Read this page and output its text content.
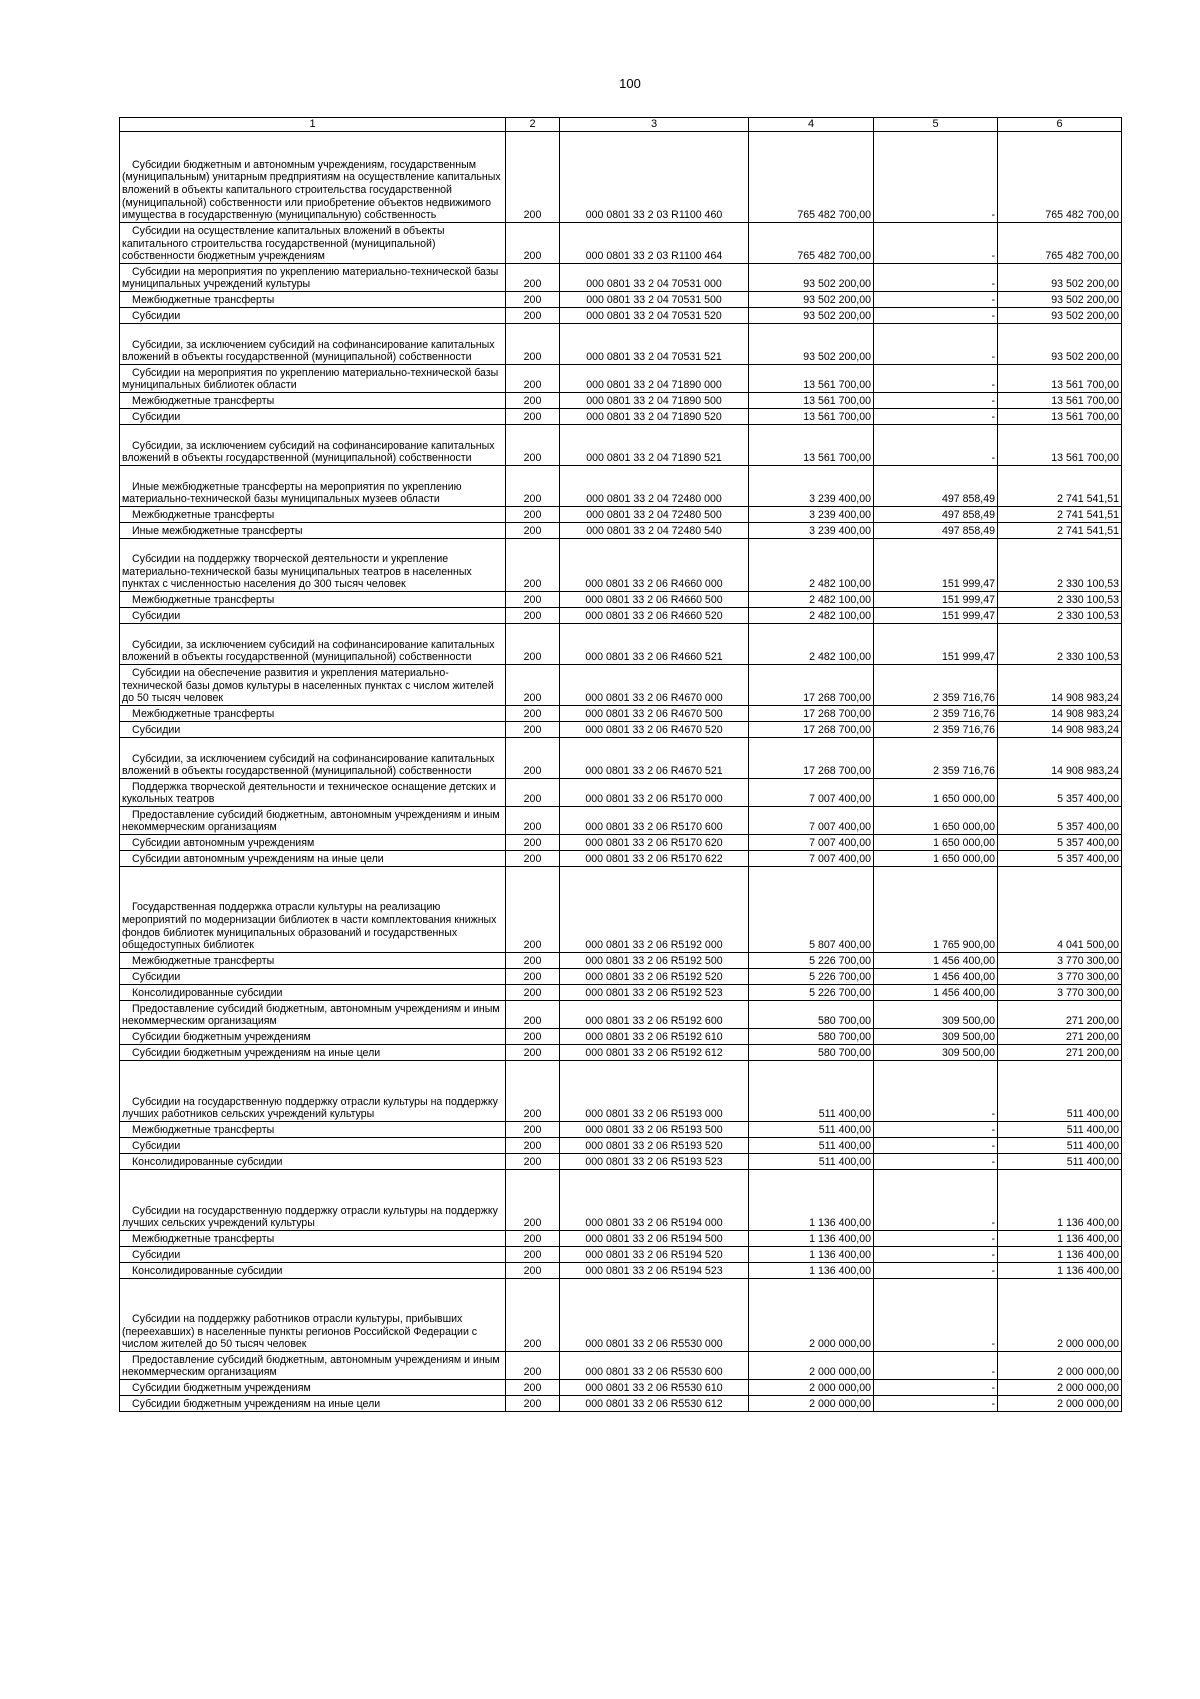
100
1	2	3	4	5	6

Субсидии бюджетным и автономным учреждениям, государственным (муниципальным) унитарным предприятиям на осуществление капитальных вложений в объекты капитального строительства государственной (муниципальной) собственности или приобретение объектов недвижимого имущества в государственную (муниципальную) собственность	200	000 0801 33 2 03 R1100 460	765 482 700,00	-	765 482 700,00

Субсидии на осуществление капитальных вложений в объекты капитального строительства государственной (муниципальной) собственности бюджетным учреждениям	200	000 0801 33 2 03 R1100 464	765 482 700,00	-	765 482 700,00

Субсидии на мероприятия по укреплению материально-технической базы муниципальных учреждений культуры	200	000 0801 33 2 04 70531 000	93 502 200,00	-	93 502 200,00

Межбюджетные трансферты	200	000 0801 33 2 04 70531 500	93 502 200,00	-	93 502 200,00

Субсидии	200	000 0801 33 2 04 70531 520	93 502 200,00	-	93 502 200,00

Субсидии, за исключением субсидий на софинансирование капитальных вложений в объекты государственной (муниципальной) собственности	200	000 0801 33 2 04 70531 521	93 502 200,00	-	93 502 200,00

Субсидии на мероприятия по укреплению материально-технической базы муниципальных библиотек области	200	000 0801 33 2 04 71890 000	13 561 700,00	-	13 561 700,00

Межбюджетные трансферты	200	000 0801 33 2 04 71890 500	13 561 700,00	-	13 561 700,00

Субсидии	200	000 0801 33 2 04 71890 520	13 561 700,00	-	13 561 700,00

Субсидии, за исключением субсидий на софинансирование капитальных вложений в объекты государственной (муниципальной) собственности	200	000 0801 33 2 04 71890 521	13 561 700,00	-	13 561 700,00

Иные межбюджетные трансферты на мероприятия по укреплению материально-технической базы муниципальных музеев области	200	000 0801 33 2 04 72480 000	3 239 400,00	497 858,49	2 741 541,51

Межбюджетные трансферты	200	000 0801 33 2 04 72480 500	3 239 400,00	497 858,49	2 741 541,51

Иные межбюджетные трансферты	200	000 0801 33 2 04 72480 540	3 239 400,00	497 858,49	2 741 541,51

Субсидии на поддержку творческой деятельности и укрепление материально-технической базы муниципальных театров в населенных пунктах с численностью населения до 300 тысяч человек	200	000 0801 33 2 06 R4660 000	2 482 100,00	151 999,47	2 330 100,53

Межбюджетные трансферты	200	000 0801 33 2 06 R4660 500	2 482 100,00	151 999,47	2 330 100,53

Субсидии	200	000 0801 33 2 06 R4660 520	2 482 100,00	151 999,47	2 330 100,53

Субсидии, за исключением субсидий на софинансирование капитальных вложений в объекты государственной (муниципальной) собственности	200	000 0801 33 2 06 R4660 521	2 482 100,00	151 999,47	2 330 100,53

Субсидии на обеспечение развития и укрепления материально-технической базы домов культуры в населенных пунктах с числом жителей до 50 тысяч человек	200	000 0801 33 2 06 R4670 000	17 268 700,00	2 359 716,76	14 908 983,24

Межбюджетные трансферты	200	000 0801 33 2 06 R4670 500	17 268 700,00	2 359 716,76	14 908 983,24

Субсидии	200	000 0801 33 2 06 R4670 520	17 268 700,00	2 359 716,76	14 908 983,24

Субсидии, за исключением субсидий на софинансирование капитальных вложений в объекты государственной (муниципальной) собственности	200	000 0801 33 2 06 R4670 521	17 268 700,00	2 359 716,76	14 908 983,24

Поддержка творческой деятельности и техническое оснащение детских и кукольных театров	200	000 0801 33 2 06 R5170 000	7 007 400,00	1 650 000,00	5 357 400,00

Предоставление субсидий бюджетным, автономным учреждениям и иным некоммерческим организациям	200	000 0801 33 2 06 R5170 600	7 007 400,00	1 650 000,00	5 357 400,00

Субсидии автономным учреждениям	200	000 0801 33 2 06 R5170 620	7 007 400,00	1 650 000,00	5 357 400,00

Субсидии автономным учреждениям на иные цели	200	000 0801 33 2 06 R5170 622	7 007 400,00	1 650 000,00	5 357 400,00

Государственная поддержка отрасли культуры на реализацию мероприятий по модернизации библиотек в части комплектования книжных фондов библиотек муниципальных образований и государственных общедоступных библиотек	200	000 0801 33 2 06 R5192 000	5 807 400,00	1 765 900,00	4 041 500,00

Межбюджетные трансферты	200	000 0801 33 2 06 R5192 500	5 226 700,00	1 456 400,00	3 770 300,00

Субсидии	200	000 0801 33 2 06 R5192 520	5 226 700,00	1 456 400,00	3 770 300,00

Консолидированные субсидии	200	000 0801 33 2 06 R5192 523	5 226 700,00	1 456 400,00	3 770 300,00

Предоставление субсидий бюджетным, автономным учреждениям и иным некоммерческим организациям	200	000 0801 33 2 06 R5192 600	580 700,00	309 500,00	271 200,00

Субсидии бюджетным учреждениям	200	000 0801 33 2 06 R5192 610	580 700,00	309 500,00	271 200,00

Субсидии бюджетным учреждениям на иные цели	200	000 0801 33 2 06 R5192 612	580 700,00	309 500,00	271 200,00

Субсидии на государственную поддержку отрасли культуры на поддержку лучших работников сельских учреждений культуры	200	000 0801 33 2 06 R5193 000	511 400,00	-	511 400,00

Межбюджетные трансферты	200	000 0801 33 2 06 R5193 500	511 400,00	-	511 400,00

Субсидии	200	000 0801 33 2 06 R5193 520	511 400,00	-	511 400,00

Консолидированные субсидии	200	000 0801 33 2 06 R5193 523	511 400,00	-	511 400,00

Субсидии на государственную поддержку отрасли культуры на поддержку лучших сельских учреждений культуры	200	000 0801 33 2 06 R5194 000	1 136 400,00	-	1 136 400,00

Межбюджетные трансферты	200	000 0801 33 2 06 R5194 500	1 136 400,00	-	1 136 400,00

Субсидии	200	000 0801 33 2 06 R5194 520	1 136 400,00	-	1 136 400,00

Консолидированные субсидии	200	000 0801 33 2 06 R5194 523	1 136 400,00	-	1 136 400,00

Субсидии на поддержку работников отрасли культуры, прибывших (переехавших) в населенные пункты регионов Российской Федерации с числом жителей до 50 тысяч человек	200	000 0801 33 2 06 R5530 000	2 000 000,00	-	2 000 000,00

Предоставление субсидий бюджетным, автономным учреждениям и иным некоммерческим организациям	200	000 0801 33 2 06 R5530 600	2 000 000,00	-	2 000 000,00

Субсидии бюджетным учреждениям	200	000 0801 33 2 06 R5530 610	2 000 000,00	-	2 000 000,00

Субсидии бюджетным учреждениям на иные цели	200	000 0801 33 2 06 R5530 612	2 000 000,00	-	2 000 000,00
